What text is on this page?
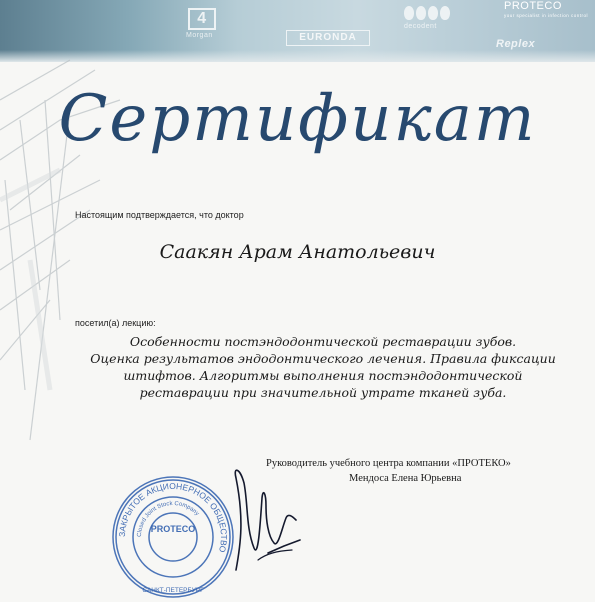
4
Morgan	EURONDA
decodent
PROTECO
your specialist in infection control
Replex
Сертификат
Настоящим подтверждается, что доктор
Саакян Арам Анатольевич
посетил(а) лекцию:
Особенности постэндодонтической реставрации зубов.
Оценка результатов эндодонтического лечения. Правила фиксации
штифтов. Алгоритмы выполнения постэндодонтической
реставрации при значительной утрате тканей зуба.
Руководитель учебного центра компании «ПРОТЕКО»
Мендоса Елена Юрьевна
ЗАКРЫТОЕ АКЦИОНЕРНОЕ ОБЩЕСТВО
Closed Joint Stock Company
PROTECO
САНКТ-ПЕТЕРБУРГ
